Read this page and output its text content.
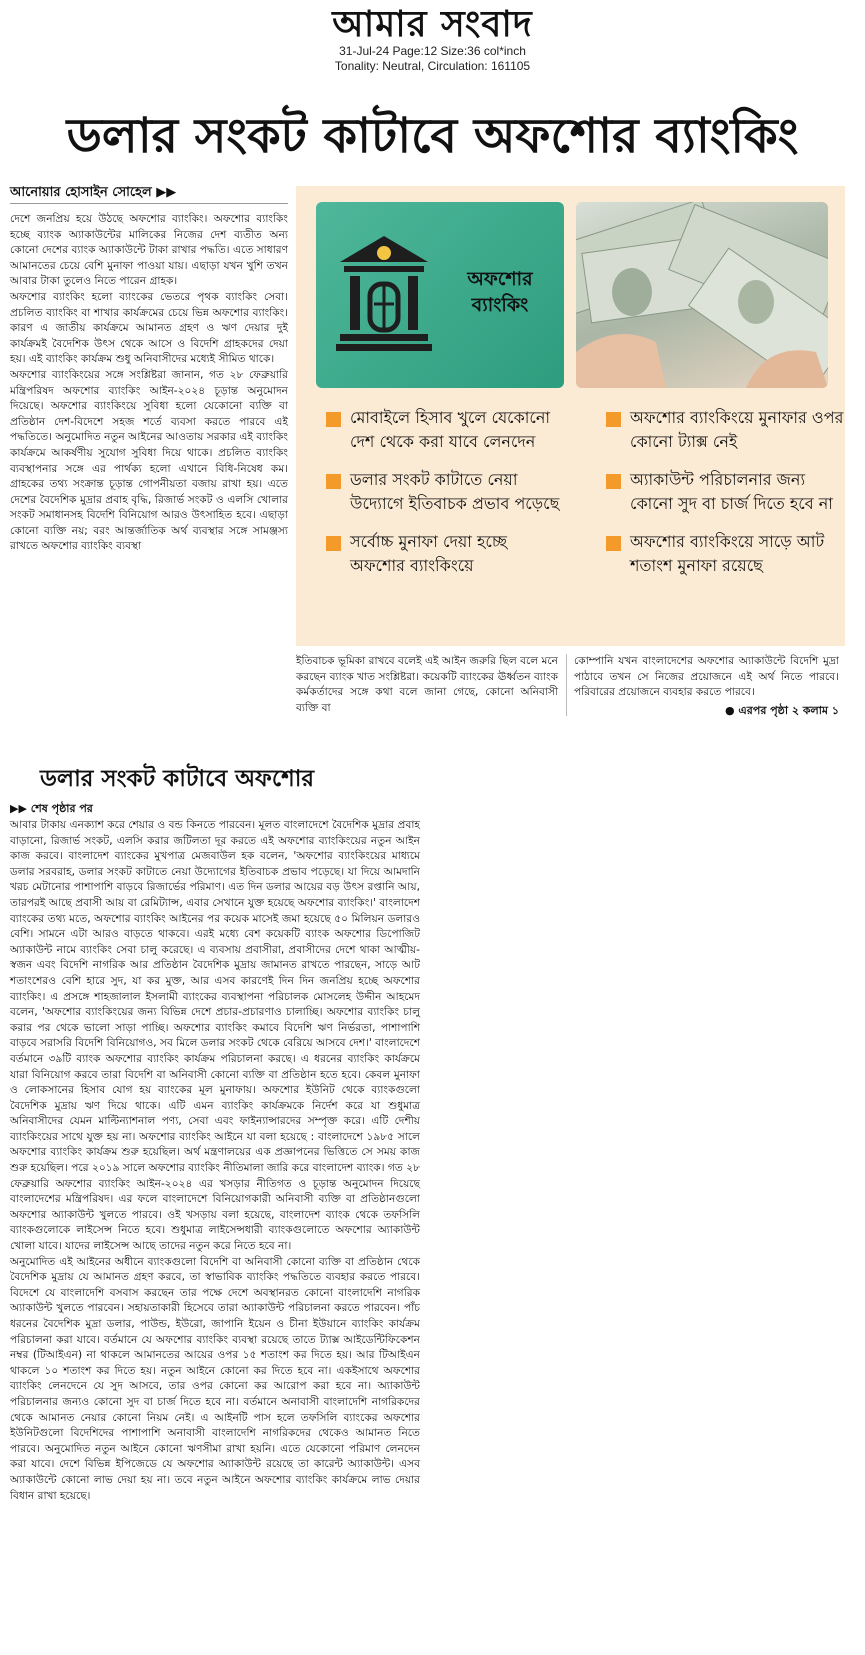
আমার সংবাদ
31-Jul-24 Page:12 Size:36 col*inch
Tonality: Neutral, Circulation: 161105
ডলার সংকট কাটাবে অফশোর ব্যাংকিং
আনোয়ার হোসাইন সোহেল ▶▶

দেশে জনপ্রিয় হয়ে উঠছে অফশোর ব্যাংকিং। অফশোর ব্যাংকিং হচ্ছে ব্যাংক অ্যাকাউন্টের মালিকের নিজের দেশ ব্যতীত অন্য কোনো দেশের ব্যাংক অ্যাকাউন্টে টাকা রাখার পদ্ধতি। এতে সাধারণ আমানতের চেয়ে বেশি মুনাফা পাওয়া যায়। এছাড়া যখন খুশি তখন আবার টাকা তুলেও নিতে পারেন গ্রাহক।

অফশোর ব্যাংকিং হলো ব্যাংকের ভেতরে পৃথক ব্যাংকিং সেবা। প্রচলিত ব্যাংকিং বা শাখার কার্যক্রমের চেয়ে ভিন্ন অফশোর ব্যাংকিং। কারণ এ জাতীয় কার্যক্রমে আমানত গ্রহণ ও ঋণ দেয়ার দুই কার্যক্রমই বৈদেশিক উৎস থেকে আসে ও বিদেশি গ্রাহকদের দেয়া হয়। এই ব্যাংকিং কার্যক্রম শুধু অনিবাসীদের মধ্যেই সীমিত থাকে।

অফশোর ব্যাংকিংয়ের সঙ্গে সংশ্লিষ্টরা জানান, গত ২৮ ফেব্রুয়ারি মন্ত্রিপরিষদ অফশোর ব্যাংকিং আইন-২০২৪ চূড়ান্ত অনুমোদন দিয়েছে। অফশোর ব্যাংকিংয়ে সুবিধা হলো যেকোনো ব্যক্তি বা প্রতিষ্ঠান দেশ-বিদেশে সহজ শর্তে ব্যবসা করতে পারবে এই পদ্ধতিতে। অনুমোদিত নতুন আইনের আওতায় সরকার এই ব্যাংকিং কার্যক্রমে আকর্ষণীয় সুযোগ সুবিধা দিয়ে থাকে। প্রচলিত ব্যাংকিং ব্যবস্থাপনার সঙ্গে এর পার্থক্য হলো এখানে বিধি-নিষেধ কম। গ্রাহকের তথ্য সংক্রান্ত চূড়ান্ত গোপনীয়তা বজায় রাখা হয়। এতে দেশের বৈদেশিক মুদ্রার প্রবাহ বৃদ্ধি, রিজার্ভ সংকট ও এলসি খোলার সংকট সমাধানসহ বিদেশি বিনিয়োগ আরও উৎসাহিত হবে। এছাড়া কোনো ব্যক্তি নয়; বরং আন্তর্জাতিক অর্থ ব্যবস্থার সঙ্গে সামঞ্জস্য রাখতে অফশোর ব্যাংকিং ব্যবস্থা

অফশোর ব্যাংকিং
মোবাইলে হিসাব খুলে যেকোনো দেশ থেকে করা যাবে লেনদেন
ডলার সংকট কাটাতে নেয়া উদ্যোগে ইতিবাচক প্রভাব পড়েছে
সর্বোচ্চ মুনাফা দেয়া হচ্ছে অফশোর ব্যাংকিংয়ে
অফশোর ব্যাংকিংয়ে মুনাফার ওপর কোনো ট্যাক্স নেই
অ্যাকাউন্ট পরিচালনার জন্য কোনো সুদ বা চার্জ দিতে হবে না
অফশোর ব্যাংকিংয়ে সাড়ে আট শতাংশ মুনাফা রয়েছে
ইতিবাচক ভূমিকা রাখবে বলেই এই আইন জরুরি ছিল বলে মনে করছেন ব্যাংক খাত সংশ্লিষ্টরা। কয়েকটি ব্যাংকের ঊর্ধ্বতন ব্যাংক কর্মকর্তাদের সঙ্গে কথা বলে জানা গেছে, কোনো অনিবাসী ব্যক্তি বা
কোম্পানি যখন বাংলাদেশের অফশোর অ্যাকাউন্টে বিদেশি মুদ্রা পাঠাবে তখন সে নিজের প্রয়োজনে এই অর্থ নিতে পারবে। পরিবারের প্রয়োজনে ব্যবহার করতে পারবে।
● এরপর পৃষ্ঠা ২ কলাম ১
ডলার সংকট কাটাবে অফশোর
▶▶ শেষ পৃষ্ঠার পর

আবার টাকায় এনক্যাশ করে শেয়ার ও বন্ড কিনতে পারবেন। মূলত বাংলাদেশে বৈদেশিক মুদ্রার প্রবাহ বাড়ানো, রিজার্ভ সংকট, এলসি করার জটিলতা দূর করতে এই অফশোর ব্যাংকিংয়ের নতুন আইন কাজ করবে। বাংলাদেশ ব্যাংকের মুখপাত্র মেজবাউল হক বলেন, 'অফশোর ব্যাংকিংয়ের মাধ্যমে ডলার সরবরাহ, ডলার সংকট কাটাতে নেয়া উদ্যোগের ইতিবাচক প্রভাব পড়েছে। যা দিয়ে আমদানি খরচ মেটানোর পাশাপাশি বাড়বে রিজার্ভের পরিমাণ। এত দিন ডলার আয়ের বড় উৎস রপ্তানি আয়, তারপরই আছে প্রবাসী আয় বা রেমিট্যান্স, এবার সেখানে যুক্ত হয়েছে অফশোর ব্যাংকিং।' বাংলাদেশ ব্যাংকের তথ্য মতে, অফশোর ব্যাংকিং আইনের পর কয়েক মাসেই জমা হয়েছে ৫০ মিলিয়ন ডলারও বেশি। সামনে এটা আরও বাড়তে থাকবে। এরই মধ্যে বেশ কয়েকটি ব্যাংক অফশোর ডিপোজিট অ্যাকাউন্ট নামে ব্যাংকিং সেবা চালু করেছে। এ ব্যবসায় প্রবাসীরা, প্রবাসীদের দেশে থাকা আত্মীয়-স্বজন এবং বিদেশি নাগরিক আর প্রতিষ্ঠান বৈদেশিক মুদ্রায় জামানত রাখতে পারছেন, সাড়ে আট শতাংশেরও বেশি হারে সুদ, যা কর মুক্ত, আর এসব কারণেই দিন দিন জনপ্রিয় হচ্ছে অফশোর ব্যাংকিং। এ প্রসঙ্গে শাহজালাল ইসলামী ব্যাংকের ব্যবস্থাপনা পরিচালক মোসলেহ উদ্দীন আহমেদ বলেন, 'অফশোর ব্যাংকিংয়ের জন্য বিভিন্ন দেশে প্রচার-প্রচারণাও চালাচ্ছি। অফশোর ব্যাংকিং চালু করার পর থেকে ভালো সাড়া পাচ্ছি। অফশোর ব্যাংকিং কমাবে বিদেশি ঋণ নির্ভরতা, পাশাপাশি বাড়বে সরাসরি বিদেশি বিনিয়োগও, সব মিলে ডলার সংকট থেকে বেরিয়ে আসবে দেশ।' বাংলাদেশে বর্তমানে ৩৯টি ব্যাংক অফশোর ব্যাংকিং কার্যক্রম পরিচালনা করছে। এ ধরনের ব্যাংকিং কার্যক্রমে যারা বিনিয়োগ করবে তারা বিদেশি বা অনিবাসী কোনো ব্যক্তি বা প্রতিষ্ঠান হতে হবে। কেবল মুনাফা ও লোকসানের হিসাব যোগ হয় ব্যাংকের মূল মুনাফায়। অফশোর ইউনিট থেকে ব্যাংকগুলো বৈদেশিক মুদ্রায় ঋণ দিয়ে থাকে। এটি এমন ব্যাংকিং কার্যক্রমকে নির্দেশ করে যা শুধুমাত্র অনিবাসীদের যেমন মাল্টিন্যাশনাল পণ্য, সেবা এবং ফাইন্যান্সারদের সম্পৃক্ত করে। এটি দেশীয় ব্যাংকিংয়ের সাথে যুক্ত হয় না। অফশোর ব্যাংকিং আইনে যা বলা হয়েছে : বাংলাদেশে ১৯৮৫ সালে অফশোর ব্যাংকিং কার্যক্রম শুরু হয়েছিল। অর্থ মন্ত্রণালয়ের এক প্রজ্ঞাপনের ভিত্তিতে সে সময় কাজ শুরু হয়েছিল। পরে ২০১৯ সালে অফশোর ব্যাংকিং নীতিমালা জারি করে বাংলাদেশ ব্যাংক। গত ২৮ ফেব্রুয়ারি অফশোর ব্যাংকিং আইন-২০২৪ এর খসড়ার নীতিগত ও চূড়ান্ত অনুমোদন দিয়েছে বাংলাদেশের মন্ত্রিপরিষদ। এর ফলে বাংলাদেশে বিনিয়োগকারী অনিবাসী ব্যক্তি বা প্রতিষ্ঠানগুলো অফশোর অ্যাকাউন্ট খুলতে পারবে। ওই খসড়ায় বলা হয়েছে, বাংলাদেশ ব্যাংক থেকে তফসিলি ব্যাংকগুলোকে লাইসেন্স নিতে হবে। শুধুমাত্র লাইসেন্সধারী ব্যাংকগুলোতে অফশোর অ্যাকাউন্ট খোলা যাবে। যাদের লাইসেন্স আছে তাদের নতুন করে নিতে হবে না।

অনুমোদিত এই আইনের অধীনে ব্যাংকগুলো বিদেশি বা অনিবাসী কোনো ব্যক্তি বা প্রতিষ্ঠান থেকে বৈদেশিক মুদ্রায় যে আমানত গ্রহণ করবে, তা স্বাভাবিক ব্যাংকিং পদ্ধতিতে ব্যবহার করতে পারবে। বিদেশে যে বাংলাদেশি বসবাস করছেন তার পক্ষে দেশে অবস্থানরত কোনো বাংলাদেশি নাগরিক অ্যাকাউন্ট খুলতে পারবেন। সহায়তাকারী হিসেবে তারা অ্যাকাউন্ট পরিচালনা করতে পারবেন। পাঁচ ধরনের বৈদেশিক মুদ্রা ডলার, পাউন্ড, ইউরো, জাপানি ইয়েন ও চীনা ইউয়ানে ব্যাংকিং কার্যক্রম পরিচালনা করা যাবে। বর্তমানে যে অফশোর ব্যাংকিং ব্যবস্থা রয়েছে তাতে ট্যাক্স আইডেন্টিফিকেশন নম্বর (টিআইএন) না থাকলে আমানতের আয়ের ওপর ১৫ শতাংশ কর দিতে হয়। আর টিআইএন থাকলে ১০ শতাংশ কর দিতে হয়। নতুন আইনে কোনো কর দিতে হবে না। একইসাথে অফশোর ব্যাংকিং লেনদেনে যে সুদ আসবে, তার ওপর কোনো কর আরোপ করা হবে না। অ্যাকাউন্ট পরিচালনার জন্যও কোনো সুদ বা চার্জ দিতে হবে না। বর্তমানে অনাবাসী বাংলাদেশি নাগরিকদের থেকে আমানত নেয়ার কোনো নিয়ম নেই। এ আইনটি পাস হলে তফসিলি ব্যাংকের অফশোর ইউনিটগুলো বিদেশিদের পাশাপাশি অনাবাসী বাংলাদেশি নাগরিকদের থেকেও আমানত নিতে পারবে। অনুমোদিত নতুন আইনে কোনো ঋণসীমা রাখা হয়নি। এতে যেকোনো পরিমাণ লেনদেন করা যাবে। দেশে বিভিন্ন ইপিজেডে যে অফশোর অ্যাকাউন্ট রয়েছে তা কারেন্ট অ্যাকাউন্ট। এসব অ্যাকাউন্টে কোনো লাভ দেয়া হয় না। তবে নতুন আইনে অফশোর ব্যাংকিং কার্যক্রমে লাভ দেয়ার বিধান রাখা হয়েছে।
